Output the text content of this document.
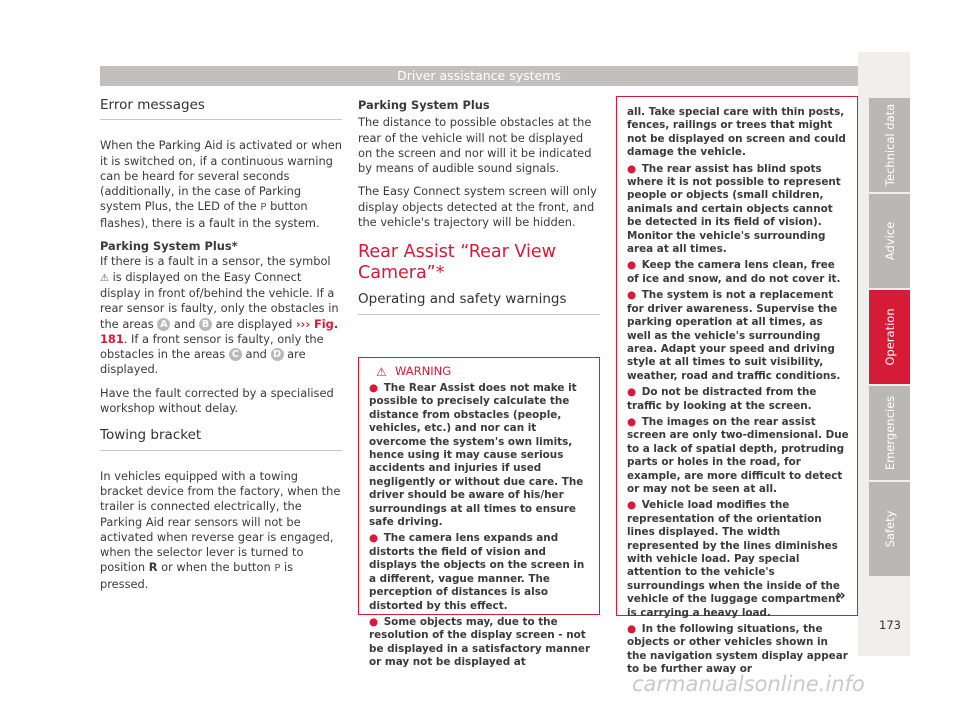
Driver assistance systems
Error messages

When the Parking Aid is activated or when it is switched on, if a continuous warning can be heard for several seconds (additionally, in the case of Parking system Plus, the LED of the P button flashes), there is a fault in the system.

Parking System Plus*

If there is a fault in a sensor, the symbol ⚠ is displayed on the Easy Connect display in front of/behind the vehicle. If a rear sensor is faulty, only the obstacles in the areas A and B are displayed ››› Fig. 181. If a front sensor is faulty, only the obstacles in the areas C and D are displayed.

Have the fault corrected by a specialised workshop without delay.

Towing bracket

In vehicles equipped with a towing bracket device from the factory, when the trailer is connected electrically, the Parking Aid rear sensors will not be activated when reverse gear is engaged, when the selector lever is turned to position R or when the button P is pressed.

Parking System Plus

The distance to possible obstacles at the rear of the vehicle will not be displayed on the screen and nor will it be indicated by means of audible sound signals.

The Easy Connect system screen will only display objects detected at the front, and the vehicle's trajectory will be hidden.

Rear Assist “Rear View Camera”*
Operating and safety warnings
⚠ WARNING
● The Rear Assist does not make it possible to precisely calculate the distance from obstacles (people, vehicles, etc.) and nor can it overcome the system's own limits, hence using it may cause serious accidents and injuries if used negligently or without due care. The driver should be aware of his/her surroundings at all times to ensure safe driving.
● The camera lens expands and distorts the field of vision and displays the objects on the screen in a different, vague manner. The perception of distances is also distorted by this effect.
● Some objects may, due to the resolution of the display screen - not be displayed in a satisfactory manner or may not be displayed at
all. Take special care with thin posts, fences, railings or trees that might not be displayed on screen and could damage the vehicle.
● The rear assist has blind spots where it is not possible to represent people or objects (small children, animals and certain objects cannot be detected in its field of vision). Monitor the vehicle's surrounding area at all times.
● Keep the camera lens clean, free of ice and snow, and do not cover it.
● The system is not a replacement for driver awareness. Supervise the parking operation at all times, as well as the vehicle's surrounding area. Adapt your speed and driving style at all times to suit visibility, weather, road and traffic conditions.
● Do not be distracted from the traffic by looking at the screen.
● The images on the rear assist screen are only two-dimensional. Due to a lack of spatial depth, protruding parts or holes in the road, for example, are more difficult to detect or may not be seen at all.
● Vehicle load modifies the representation of the orientation lines displayed. The width represented by the lines diminishes with vehicle load. Pay special attention to the vehicle's surroundings when the inside of the vehicle of the luggage compartment is carrying a heavy load.
● In the following situations, the objects or other vehicles shown in the navigation system display appear to be further away or
»
Technical data
Advice
Operation
Emergencies
Safety
173
carmanualsonline.info
